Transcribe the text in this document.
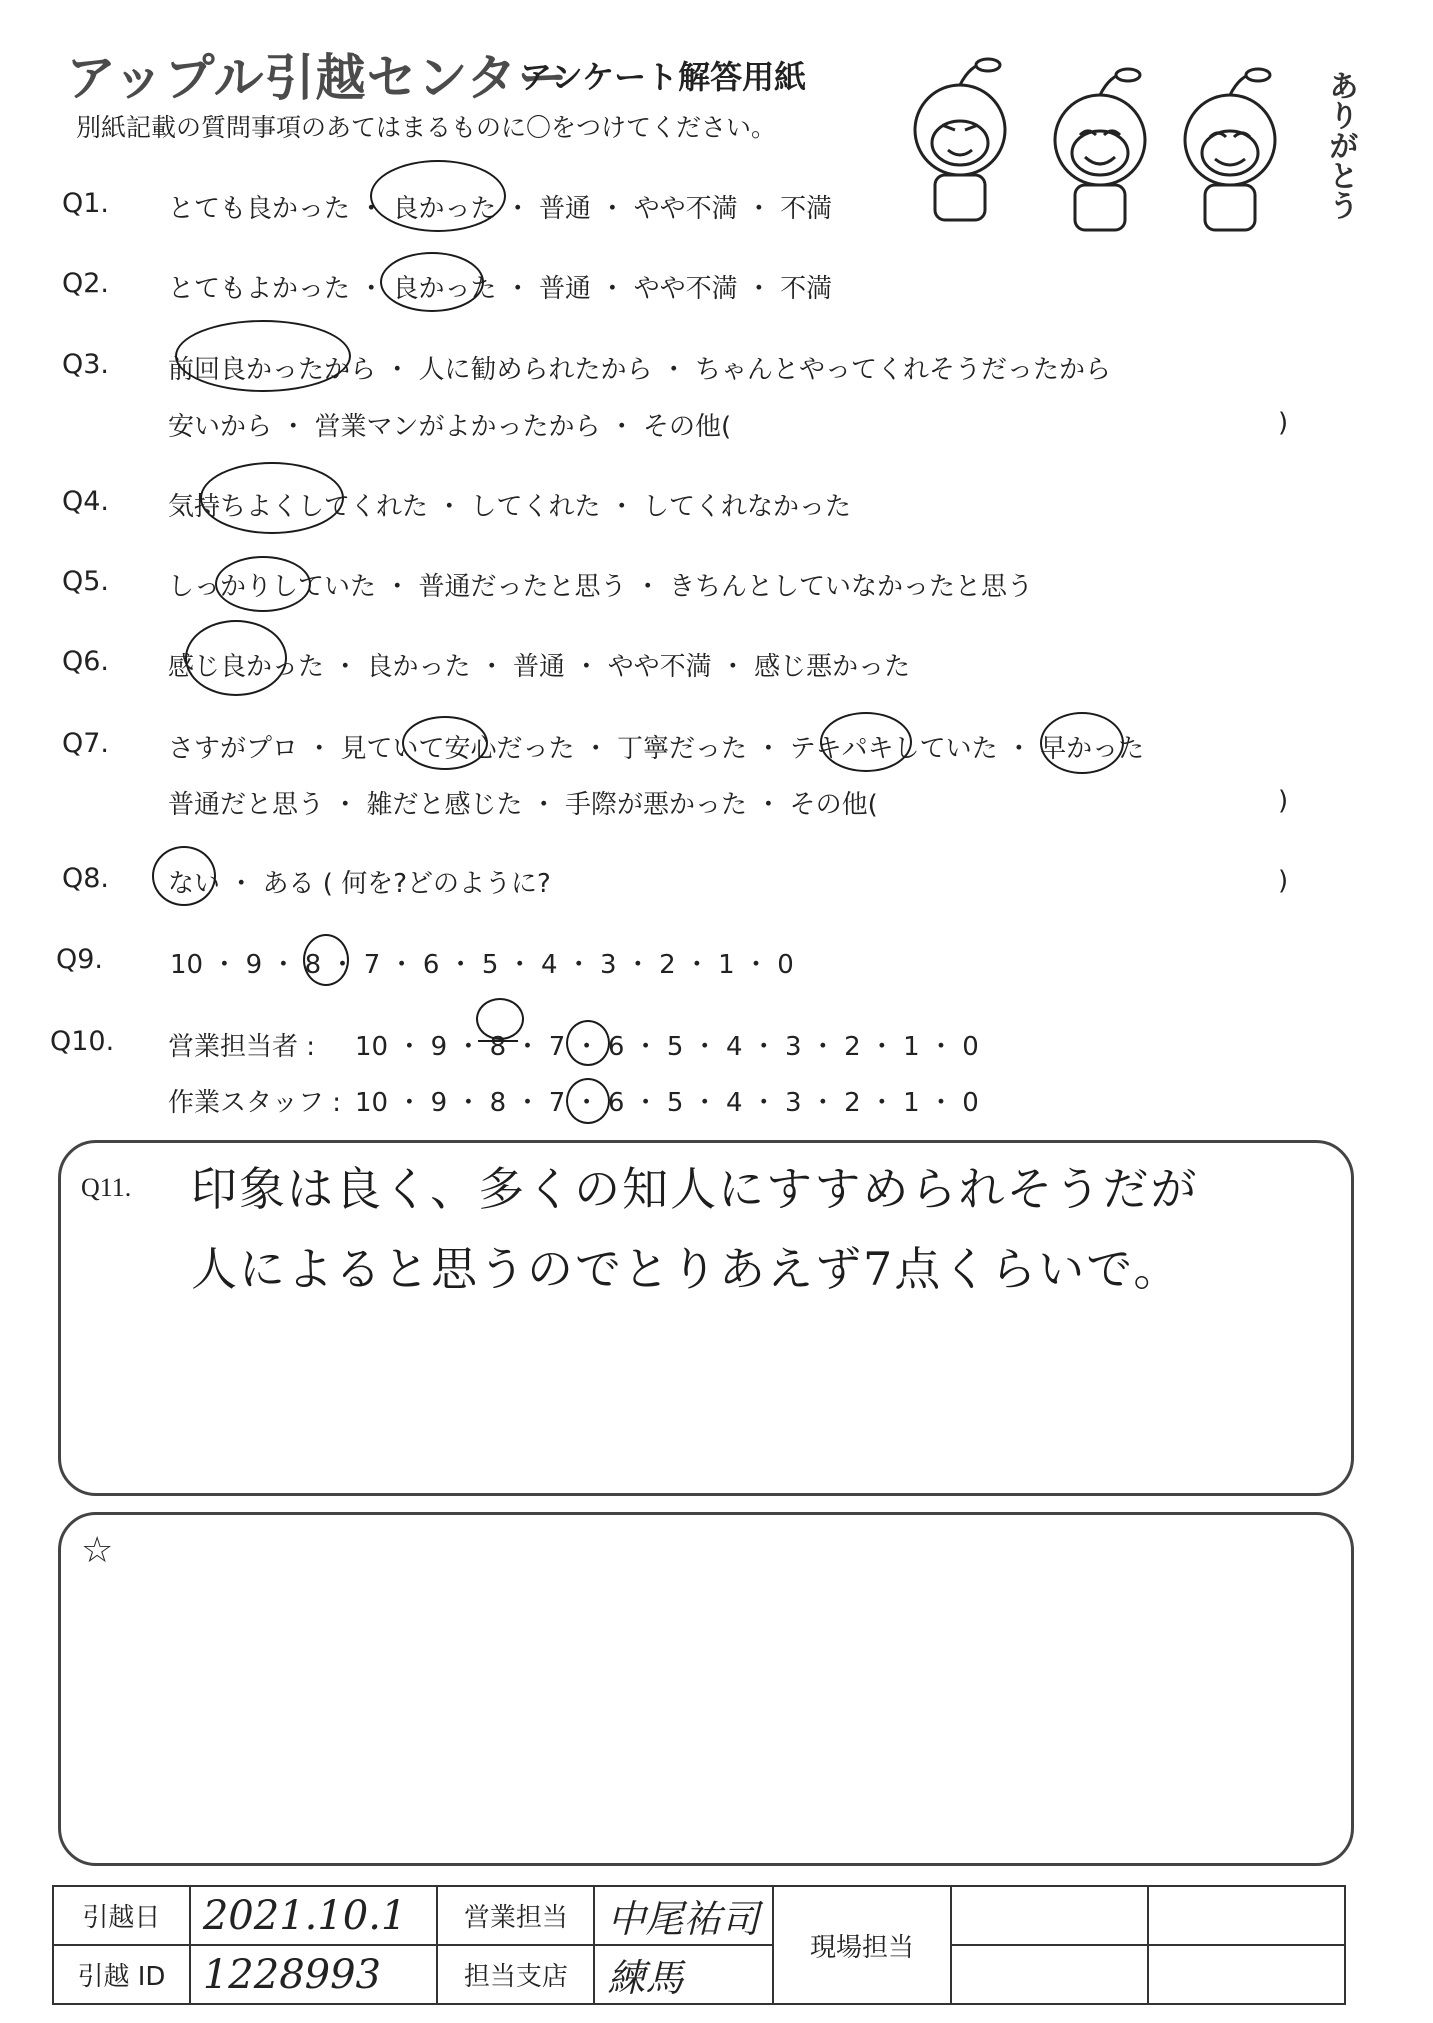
アップル引越センター
アンケート解答用紙
別紙記載の質問事項のあてはまるものに〇をつけてください。	ありがとう
Q1. とても良かった ・ 良かった ・ 普通 ・ やや不満 ・ 不満
Q2. とてもよかった ・ 良かった ・ 普通 ・ やや不満 ・ 不満
Q3. 前回良かったから ・ 人に勧められたから ・ ちゃんとやってくれそうだったから
安いから ・ 営業マンがよかったから ・ その他(	)
Q4. 気持ちよくしてくれた ・ してくれた ・ してくれなかった
Q5. しっかりしていた ・ 普通だったと思う ・ きちんとしていなかったと思う
Q6. 感じ良かった ・ 良かった ・ 普通 ・ やや不満 ・ 感じ悪かった
Q7. さすがプロ ・ 見ていて安心だった ・ 丁寧だった ・ テキパキしていた ・ 早かった
普通だと思う ・ 雑だと感じた ・ 手際が悪かった ・ その他(	)
Q8. ない ・ ある ( 何を?どのように?	)
Q9.	10 ・ 9 ・ 8 ・ 7 ・ 6 ・ 5 ・ 4 ・ 3 ・ 2 ・ 1 ・ 0
Q10. 営業担当者 : 10 ・ 9 ・ 8 ・ 7 ・ 6 ・ 5 ・ 4 ・ 3 ・ 2 ・ 1 ・ 0
作業スタッフ : 10 ・ 9 ・ 8 ・ 7 ・ 6 ・ 5 ・ 4 ・ 3 ・ 2 ・ 1 ・ 0
Q11. 印象は良く、多くの知人にすすめられそうだが
人によると思うのでとりあえず7点くらいで。
☆
引越日	2021.10.1	営業担当	中尾祐司	現場担当		
引越 ID	1228993	担当支店	練馬			
